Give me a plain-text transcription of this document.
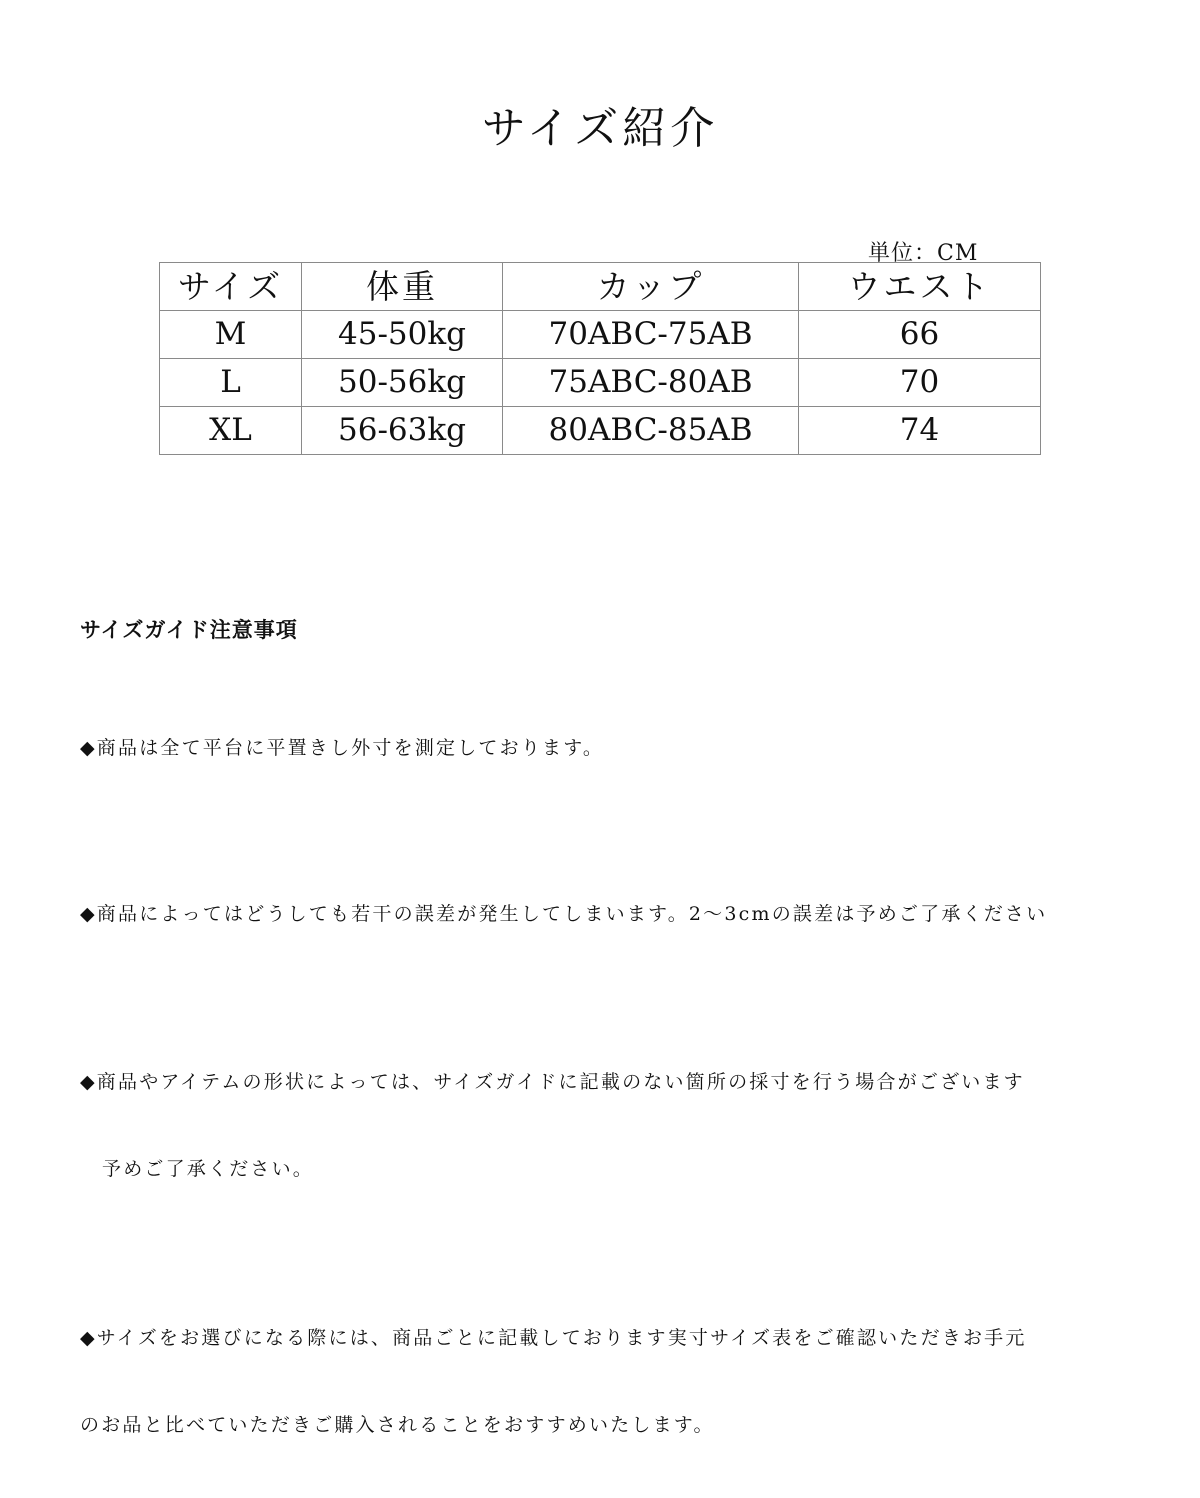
サイズ紹介
単位：CM
サイズ	体重	カップ	ウエスト
M	45-50kg	70ABC-75AB	66
L	50-56kg	75ABC-80AB	70
XL	56-63kg	80ABC-85AB	74

サイズガイド注意事項

◆商品は全て平台に平置きし外寸を測定しております。

◆商品によってはどうしても若干の誤差が発生してしまいます。2〜3cmの誤差は予めご了承ください

◆商品やアイテムの形状によっては、サイズガイドに記載のない箇所の採寸を行う場合がございます

予めご了承ください。

◆サイズをお選びになる際には、商品ごとに記載しております実寸サイズ表をご確認いただきお手元

のお品と比べていただきご購入されることをおすすめいたします。
